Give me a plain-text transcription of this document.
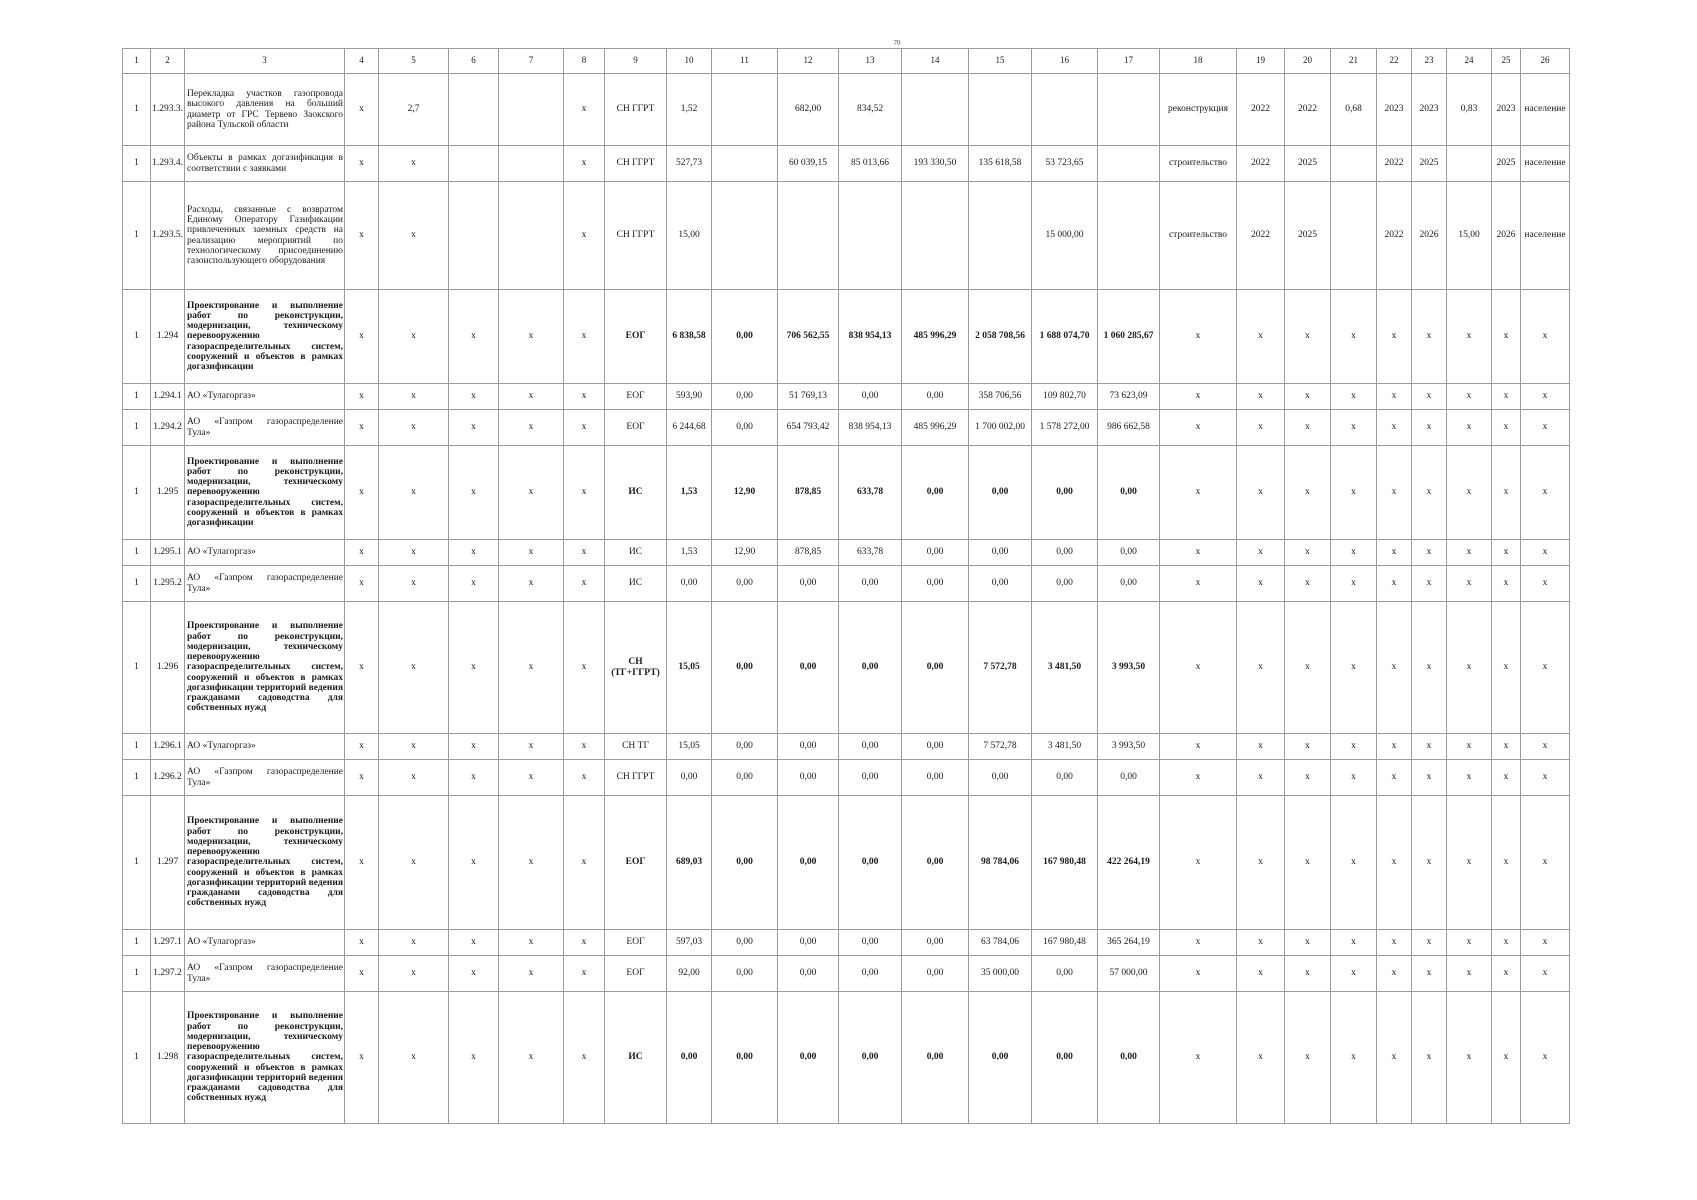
70
1	2	3	4	5	6	7	8	9	10	11	12	13	14	15	16	17	18	19	20	21	22	23	24	25	26
1	1.293.3.	Перекладка участков газопровода высокого давления на больший диаметр от ГРС Тервево Заокского района Тульской области	x	2,7			x	СН ГГРТ	1,52		682,00	834,52					реконструкция	2022	2022	0,68	2023	2023	0,83	2023	население
1	1.293.4.	Объекты в рамках догазификация в соответствии с заявками	x	x			x	СН ГГРТ	527,73		60 039,15	85 013,66	193 330,50	135 618,58	53 723,65		строительство	2022	2025		2022	2025		2025	население
1	1.293.5.	Расходы, связанные с возвратом Единому Оператору Газификации привлеченных заемных средств на реализацию мероприятий по технологическому присоединению газоиспользующего оборудования	x	x			x	СН ГГРТ	15,00						15 000,00		строительство	2022	2025		2022	2026	15,00	2026	население
1	1.294	Проектирование и выполнение работ по реконструкции, модернизации, техническому перевооружению газораспределительных систем, сооружений и объектов в рамках догазификации	x	x	x	x	x	ЕОГ	6 838,58	0,00	706 562,55	838 954,13	485 996,29	2 058 708,56	1 688 074,70	1 060 285,67	x	x	x	x	x	x	x	x	x
1	1.294.1	АО «Тулагоргаз»	x	x	x	x	x	ЕОГ	593,90	0,00	51 769,13	0,00	0,00	358 706,56	109 802,70	73 623,09	x	x	x	x	x	x	x	x	x
1	1.294.2	АО «Газпром газораспределение Тула»	x	x	x	x	x	ЕОГ	6 244,68	0,00	654 793,42	838 954,13	485 996,29	1 700 002,00	1 578 272,00	986 662,58	x	x	x	x	x	x	x	x	x
1	1.295	Проектирование и выполнение работ по реконструкции, модернизации, техническому перевооружению газораспределительных систем, сооружений и объектов в рамках догазификации	x	x	x	x	x	ИС	1,53	12,90	878,85	633,78	0,00	0,00	0,00	0,00	x	x	x	x	x	x	x	x	x
1	1.295.1	АО «Тулагоргаз»	x	x	x	x	x	ИС	1,53	12,90	878,85	633,78	0,00	0,00	0,00	0,00	x	x	x	x	x	x	x	x	x
1	1.295.2	АО «Газпром газораспределение Тула»	x	x	x	x	x	ИС	0,00	0,00	0,00	0,00	0,00	0,00	0,00	0,00	x	x	x	x	x	x	x	x	x
1	1.296	Проектирование и выполнение работ по реконструкции, модернизации, техническому перевооружению газораспределительных систем, сооружений и объектов в рамках догазификации территорий ведения гражданами садоводства для собственных нужд	x	x	x	x	x	СН (ТГ+ГГРТ)	15,05	0,00	0,00	0,00	0,00	7 572,78	3 481,50	3 993,50	x	x	x	x	x	x	x	x	x
1	1.296.1	АО «Тулагоргаз»	x	x	x	x	x	СН ТГ	15,05	0,00	0,00	0,00	0,00	7 572,78	3 481,50	3 993,50	x	x	x	x	x	x	x	x	x
1	1.296.2	АО «Газпром газораспределение Тула»	x	x	x	x	x	СН ГГРТ	0,00	0,00	0,00	0,00	0,00	0,00	0,00	0,00	x	x	x	x	x	x	x	x	x
1	1.297	Проектирование и выполнение работ по реконструкции, модернизации, техническому перевооружению газораспределительных систем, сооружений и объектов в рамках догазификации территорий ведения гражданами садоводства для собственных нужд	x	x	x	x	x	ЕОГ	689,03	0,00	0,00	0,00	0,00	98 784,06	167 980,48	422 264,19	x	x	x	x	x	x	x	x	x
1	1.297.1	АО «Тулагоргаз»	x	x	x	x	x	ЕОГ	597,03	0,00	0,00	0,00	0,00	63 784,06	167 980,48	365 264,19	x	x	x	x	x	x	x	x	x
1	1.297.2	АО «Газпром газораспределение Тула»	x	x	x	x	x	ЕОГ	92,00	0,00	0,00	0,00	0,00	35 000,00	0,00	57 000,00	x	x	x	x	x	x	x	x	x
1	1.298	Проектирование и выполнение работ по реконструкции, модернизации, техническому перевооружению газораспределительных систем, сооружений и объектов в рамках догазификации территорий ведения гражданами садоводства для собственных нужд	x	x	x	x	x	ИС	0,00	0,00	0,00	0,00	0,00	0,00	0,00	0,00	x	x	x	x	x	x	x	x	x
